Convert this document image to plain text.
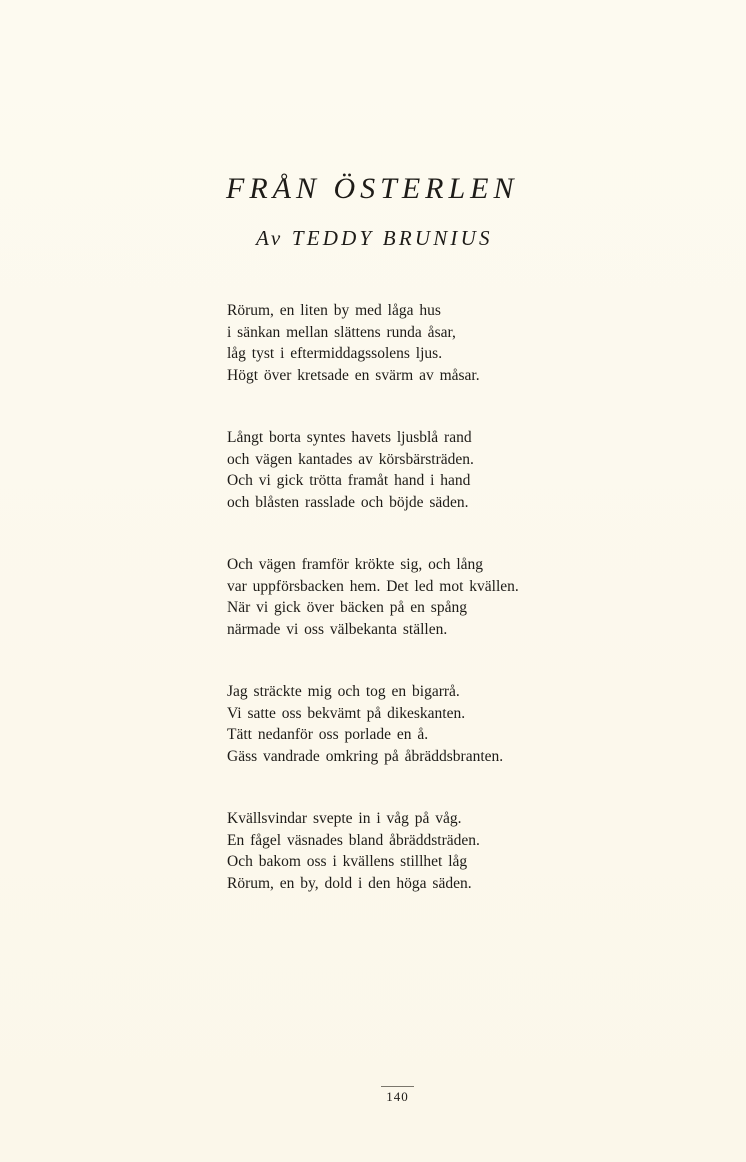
FRÅN ÖSTERLEN
Av TEDDY BRUNIUS
Rörum, en liten by med låga hus
i sänkan mellan slättens runda åsar,
låg tyst i eftermiddagssolens ljus.
Högt över kretsade en svärm av måsar.
Långt borta syntes havets ljusblå rand
och vägen kantades av körsbärsträden.
Och vi gick trötta framåt hand i hand
och blåsten rasslade och böjde säden.
Och vägen framför krökte sig, och lång
var uppförsbacken hem. Det led mot kvällen.
När vi gick över bäcken på en spång
närmade vi oss välbekanta ställen.
Jag sträckte mig och tog en bigarrå.
Vi satte oss bekvämt på dikeskanten.
Tätt nedanför oss porlade en å.
Gäss vandrade omkring på åbräddsbranten.
Kvällsvindar svepte in i våg på våg.
En fågel väsnades bland åbräddsträden.
Och bakom oss i kvällens stillhet låg
Rörum, en by, dold i den höga säden.
140
